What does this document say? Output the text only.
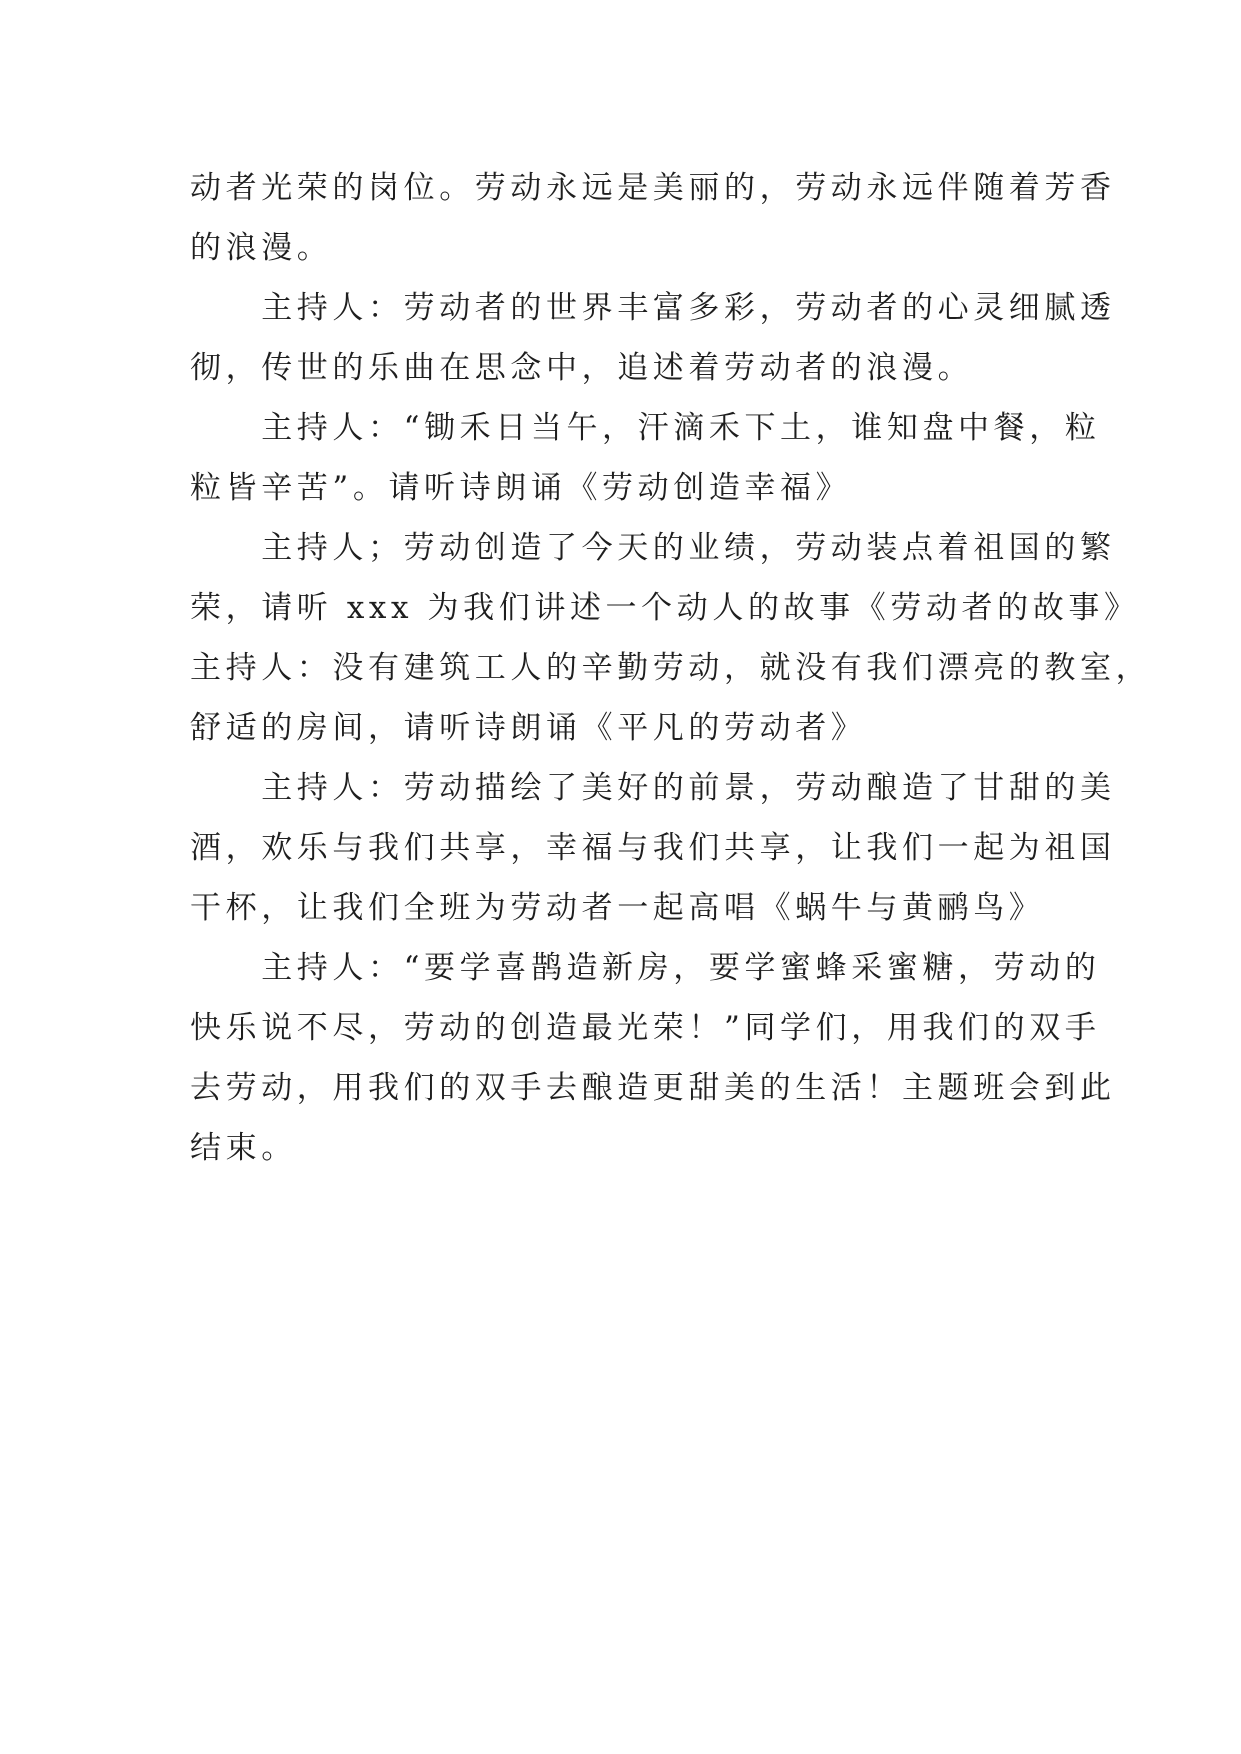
动者光荣的岗位。劳动永远是美丽的，劳动永远伴随着芳香
的浪漫。
　　主持人：劳动者的世界丰富多彩，劳动者的心灵细腻透
彻，传世的乐曲在思念中，追述着劳动者的浪漫。
　　主持人：“锄禾日当午，汗滴禾下土，谁知盘中餐，粒
粒皆辛苦”。请听诗朗诵《劳动创造幸福》
　　主持人；劳动创造了今天的业绩，劳动装点着祖国的繁
荣，请听 xxx 为我们讲述一个动人的故事《劳动者的故事》
主持人：没有建筑工人的辛勤劳动，就没有我们漂亮的教室，
舒适的房间，请听诗朗诵《平凡的劳动者》
　　主持人：劳动描绘了美好的前景，劳动酿造了甘甜的美
酒，欢乐与我们共享，幸福与我们共享，让我们一起为祖国
干杯，让我们全班为劳动者一起高唱《蜗牛与黄鹂鸟》
　　主持人：“要学喜鹊造新房，要学蜜蜂采蜜糖，劳动的
快乐说不尽，劳动的创造最光荣！”同学们，用我们的双手
去劳动，用我们的双手去酿造更甜美的生活！主题班会到此
结束。
